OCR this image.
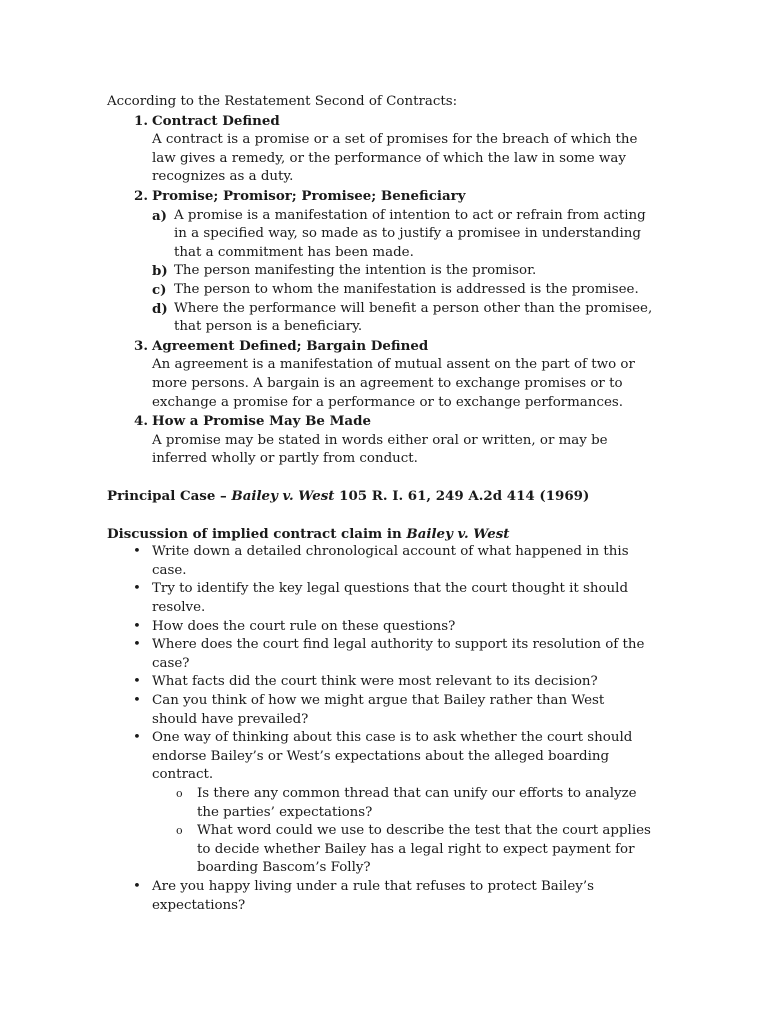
According to the Restatement Second of Contracts:
1. Contract Defined
A contract is a promise or a set of promises for the breach of which the
law gives a remedy, or the performance of which the law in some way
recognizes as a duty.
2. Promise; Promisor; Promisee; Beneficiary
a) A promise is a manifestation of intention to act or refrain from acting
in a specified way, so made as to justify a promisee in understanding
that a commitment has been made.
b) The person manifesting the intention is the promisor.
c) The person to whom the manifestation is addressed is the promisee.
d) Where the performance will benefit a person other than the promisee,
that person is a beneficiary.
3. Agreement Defined; Bargain Defined
An agreement is a manifestation of mutual assent on the part of two or
more persons. A bargain is an agreement to exchange promises or to
exchange a promise for a performance or to exchange performances.
4. How a Promise May Be Made
A promise may be stated in words either oral or written, or may be
inferred wholly or partly from conduct.
Principal Case – Bailey v. West 105 R. I. 61, 249 A.2d 414 (1969)
Discussion of implied contract claim in Bailey v. West
• Write down a detailed chronological account of what happened in this
case.
• Try to identify the key legal questions that the court thought it should
resolve.
• How does the court rule on these questions?
• Where does the court find legal authority to support its resolution of the
case?
• What facts did the court think were most relevant to its decision?
• Can you think of how we might argue that Bailey rather than West
should have prevailed?
• One way of thinking about this case is to ask whether the court should
endorse Bailey’s or West’s expectations about the alleged boarding
contract.
o Is there any common thread that can unify our efforts to analyze
the parties’ expectations?
o What word could we use to describe the test that the court applies
to decide whether Bailey has a legal right to expect payment for
boarding Bascom’s Folly?
• Are you happy living under a rule that refuses to protect Bailey’s
expectations?
